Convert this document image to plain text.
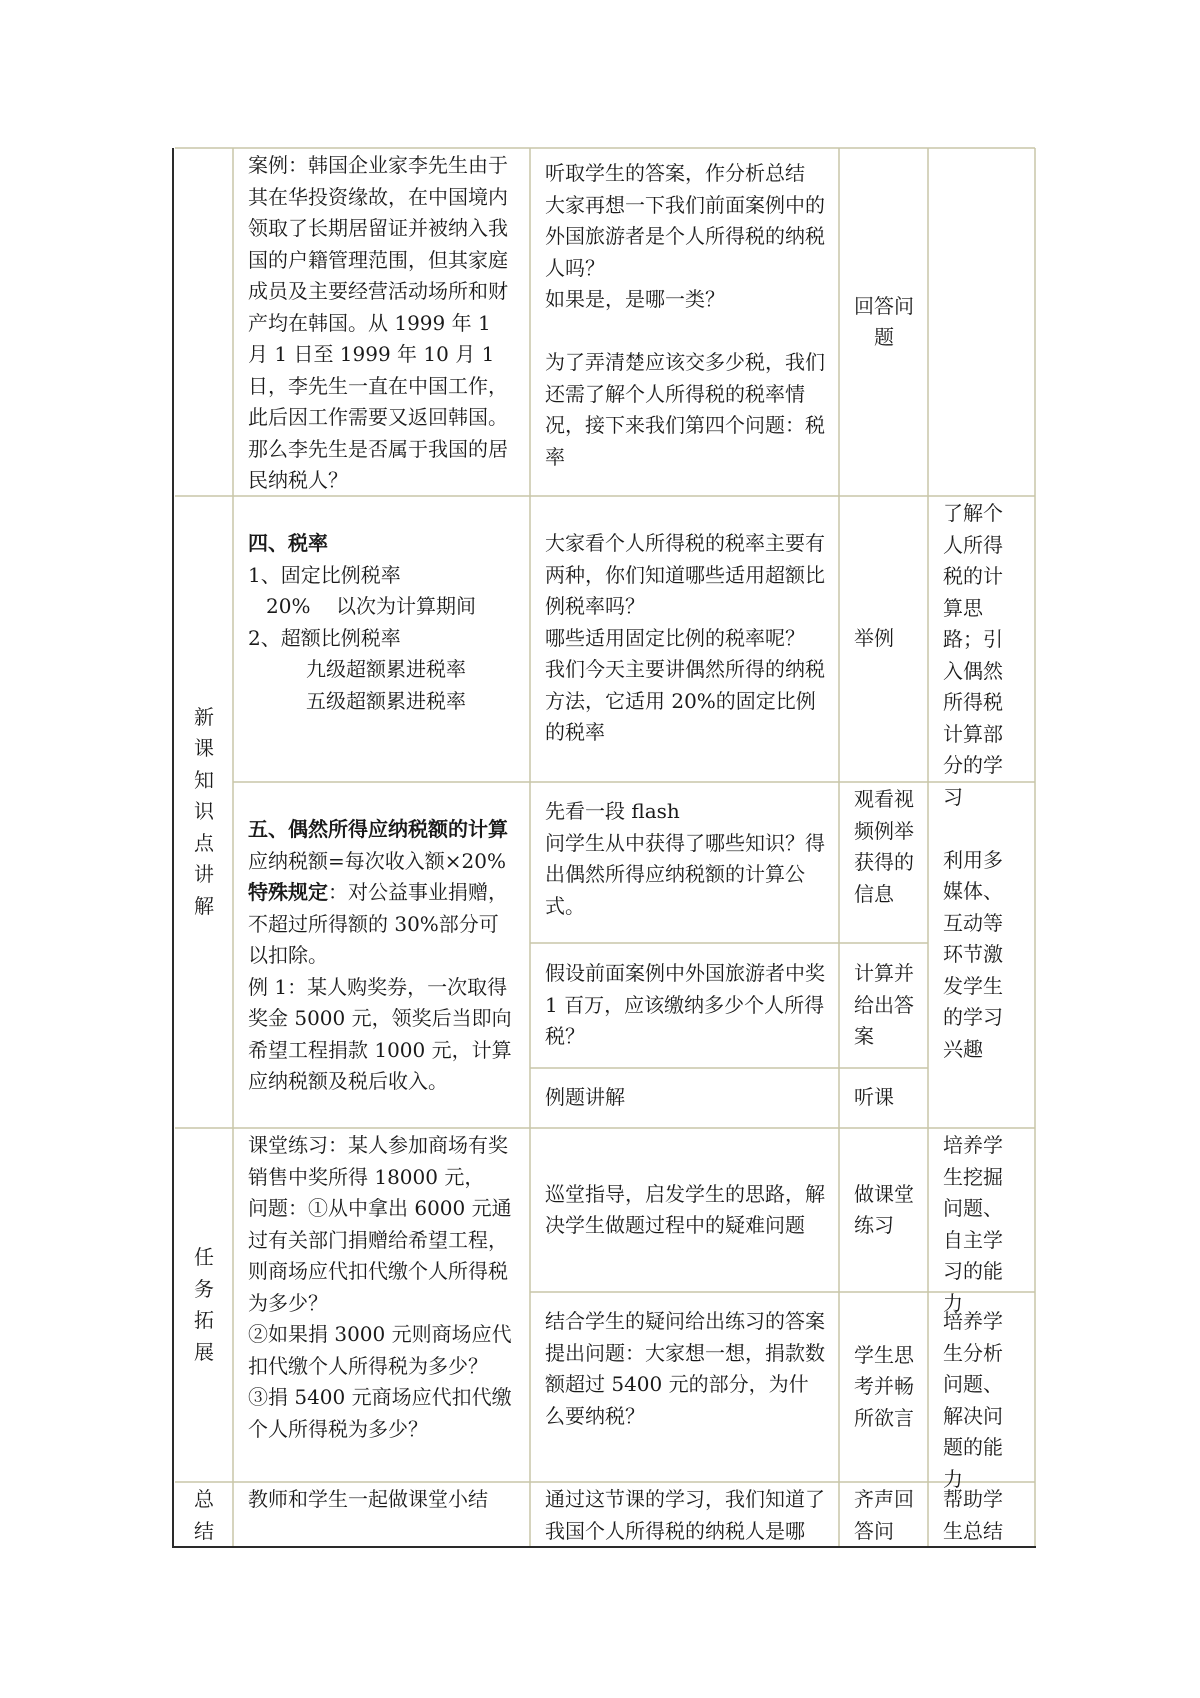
案例：韩国企业家李先生由于其在华投资缘故，在中国境内领取了长期居留证并被纳入我国的户籍管理范围，但其家庭成员及主要经营活动场所和财产均在韩国。从 1999 年 1 月 1 日至 1999 年 10 月 1 日，李先生一直在中国工作，此后因工作需要又返回韩国。那么李先生是否属于我国的居民纳税人？
听取学生的答案，作分析总结
大家再想一下我们前面案例中的外国旅游者是个人所得税的纳税人吗？
如果是，是哪一类？
为了弄清楚应该交多少税，我们还需了解个人所得税的税率情况，接下来我们第四个问题：税率
回答问题
新课知识点讲解
四、税率
1、固定比例税率
20% 以次为计算期间
2、超额比例税率
九级超额累进税率
五级超额累进税率
大家看个人所得税的税率主要有两种，你们知道哪些适用超额比例税率吗？
哪些适用固定比例的税率呢？
我们今天主要讲偶然所得的纳税方法，它适用 20%的固定比例的税率
举例
了解个人所得税的计算思路；引入偶然所得税计算部分的学习
五、偶然所得应纳税额的计算
应纳税额=每次收入额×20%
特殊规定：对公益事业捐赠，不超过所得额的 30%部分可以扣除。
例 1：某人购奖券，一次取得奖金 5000 元，领奖后当即向希望工程捐款 1000 元，计算应纳税额及税后收入。
先看一段 flash
问学生从中获得了哪些知识？得出偶然所得应纳税额的计算公式。
观看视频例举获得的信息
假设前面案例中外国旅游者中奖 1 百万，应该缴纳多少个人所得税？
计算并给出答案
例题讲解	听课
利用多媒体、互动等环节激发学生的学习兴趣
任务拓展
课堂练习：某人参加商场有奖销售中奖所得 18000 元，
问题：①从中拿出 6000 元通过有关部门捐赠给希望工程，则商场应代扣代缴个人所得税为多少？
②如果捐 3000 元则商场应代扣代缴个人所得税为多少？
③捐 5400 元商场应代扣代缴个人所得税为多少？
巡堂指导，启发学生的思路，解决学生做题过程中的疑难问题
做课堂练习
培养学生挖掘问题、自主学习的能力
结合学生的疑问给出练习的答案
提出问题：大家想一想，捐款数额超过 5400 元的部分，为什么要纳税？
学生思考并畅所欲言
培养学生分析问题、解决问题的能力
总结
教师和学生一起做课堂小结	通过这节课的学习，我们知道了我国个人所得税的纳税人是哪
齐声回答问
帮助学生总结
